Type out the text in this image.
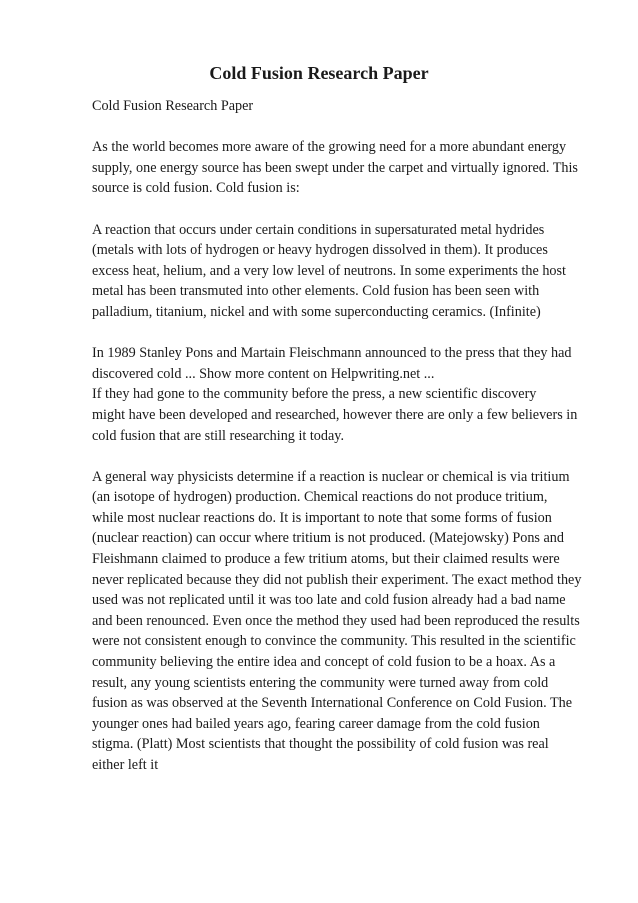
Cold Fusion Research Paper

Cold Fusion Research Paper

As the world becomes more aware of the growing need for a more abundant energy
supply, one energy source has been swept under the carpet and virtually ignored. This
source is cold fusion. Cold fusion is:

A reaction that occurs under certain conditions in supersaturated metal hydrides
(metals with lots of hydrogen or heavy hydrogen dissolved in them). It produces
excess heat, helium, and a very low level of neutrons. In some experiments the host
metal has been transmuted into other elements. Cold fusion has been seen with
palladium, titanium, nickel and with some superconducting ceramics. (Infinite)

In 1989 Stanley Pons and Martain Fleischmann announced to the press that they had
discovered cold ... Show more content on Helpwriting.net ...

If they had gone to the community before the press, a new scientific discovery
might have been developed and researched, however there are only a few believers in
cold fusion that are still researching it today.

A general way physicists determine if a reaction is nuclear or chemical is via tritium
(an isotope of hydrogen) production. Chemical reactions do not produce tritium,
while most nuclear reactions do. It is important to note that some forms of fusion
(nuclear reaction) can occur where tritium is not produced. (Matejowsky) Pons and
Fleishmann claimed to produce a few tritium atoms, but their claimed results were
never replicated because they did not publish their experiment. The exact method they
used was not replicated until it was too late and cold fusion already had a bad name
and been renounced. Even once the method they used had been reproduced the results
were not consistent enough to convince the community. This resulted in the scientific
community believing the entire idea and concept of cold fusion to be a hoax. As a
result, any young scientists entering the community were turned away from cold
fusion as was observed at the Seventh International Conference on Cold Fusion. The
younger ones had bailed years ago, fearing career damage from the cold fusion
stigma. (Platt) Most scientists that thought the possibility of cold fusion was real
either left it
